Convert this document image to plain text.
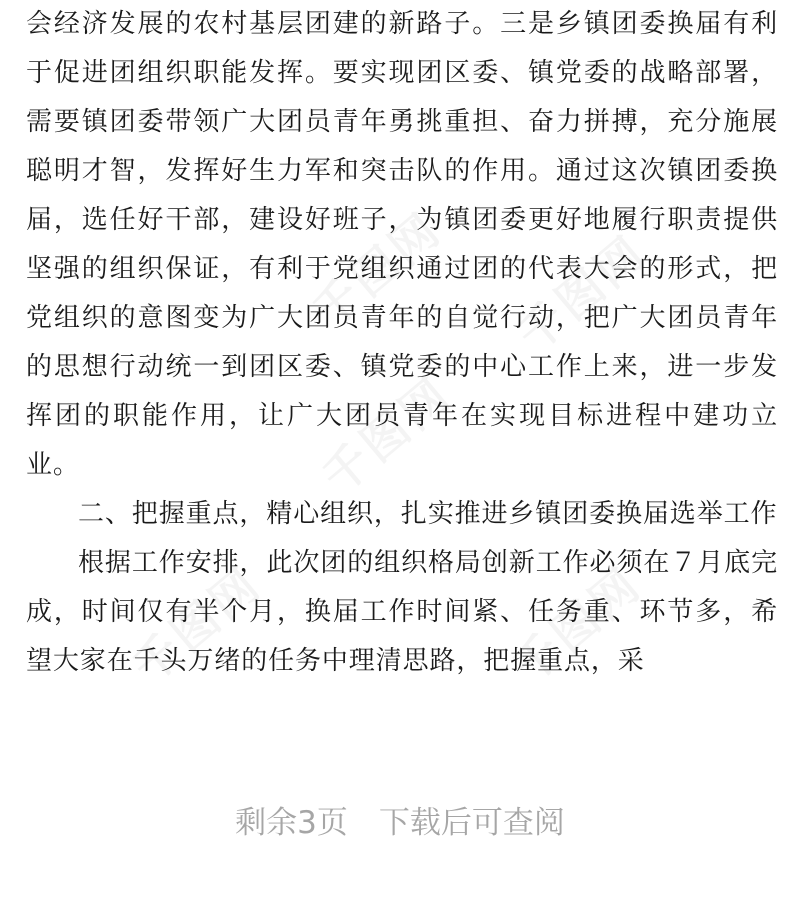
会经济发展的农村基层团建的新路子。三是乡镇团委换届有利于促进团组织职能发挥。要实现团区委、镇党委的战略部署，需要镇团委带领广大团员青年勇挑重担、奋力拼搏，充分施展聪明才智，发挥好生力军和突击队的作用。通过这次镇团委换届，选任好干部，建设好班子，为镇团委更好地履行职责提供坚强的组织保证，有利于党组织通过团的代表大会的形式，把党组织的意图变为广大团员青年的自觉行动，把广大团员青年的思想行动统一到团区委、镇党委的中心工作上来，进一步发挥团的职能作用，让广大团员青年在实现目标进程中建功立业。

二、把握重点，精心组织，扎实推进乡镇团委换届选举工作

根据工作安排，此次团的组织格局创新工作必须在７月底完成，时间仅有半个月，换届工作时间紧、任务重、环节多，希望大家在千头万绪的任务中理清思路，把握重点，采

剩余3页　下载后可查阅
